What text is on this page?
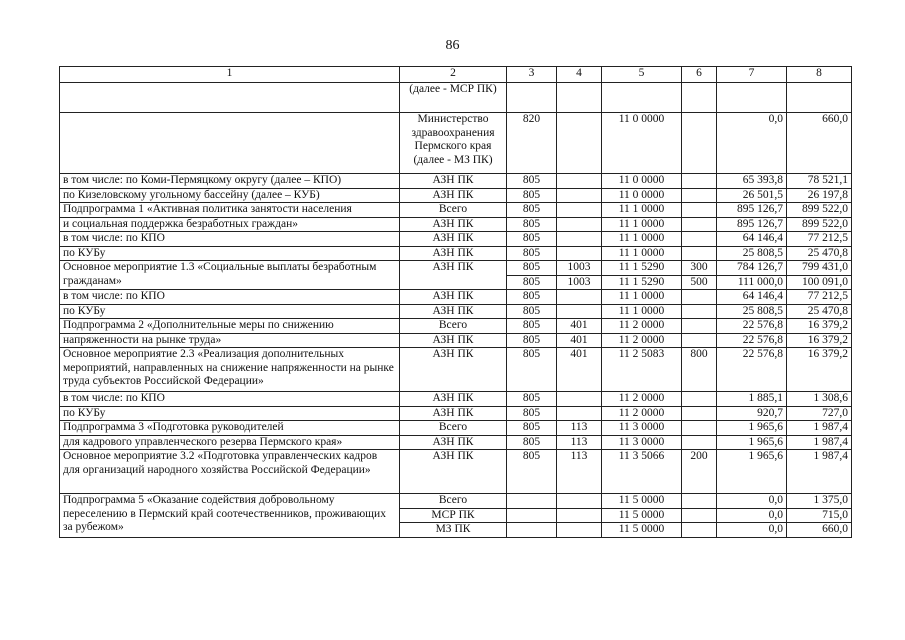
86
1	2	3	4	5	6	7	8
	(далее - МСР ПК)						
	Министерство здравоохранения Пермского края (далее - МЗ ПК)	820		11 0 0000		0,0	660,0
в том числе: по Коми-Пермяцкому округу (далее – КПО)	АЗН ПК	805		11 0 0000		65 393,8	78 521,1
по Кизеловскому угольному бассейну (далее – КУБ)	АЗН ПК	805		11 0 0000		26 501,5	26 197,8
Подпрограмма 1 «Активная политика занятости населения	Всего	805		11 1 0000		895 126,7	899 522,0
и социальная поддержка безработных граждан»	АЗН ПК	805		11 1 0000		895 126,7	899 522,0
в том числе: по КПО	АЗН ПК	805		11 1 0000		64 146,4	77 212,5
по КУБу	АЗН ПК	805		11 1 0000		25 808,5	25 470,8
Основное мероприятие 1.3 «Социальные выплаты безработным гражданам»	АЗН ПК	805	1003	11 1 5290	300	784 126,7	799 431,0
		805	1003	11 1 5290	500	111 000,0	100 091,0
в том числе: по КПО	АЗН ПК	805		11 1 0000		64 146,4	77 212,5
по КУБу	АЗН ПК	805		11 1 0000		25 808,5	25 470,8
Подпрограмма 2 «Дополнительные меры по снижению	Всего	805	401	11 2 0000		22 576,8	16 379,2
напряженности на рынке труда»	АЗН ПК	805	401	11 2 0000		22 576,8	16 379,2
Основное мероприятие 2.3 «Реализация дополнительных мероприятий, направленных на снижение напряженности на рынке труда субъектов Российской Федерации»	АЗН ПК	805	401	11 2 5083	800	22 576,8	16 379,2
в том числе: по КПО	АЗН ПК	805		11 2 0000		1 885,1	1 308,6
по КУБу	АЗН ПК	805		11 2 0000		920,7	727,0
Подпрограмма 3 «Подготовка руководителей	Всего	805	113	11 3 0000		1 965,6	1 987,4
для кадрового управленческого резерва Пермского края»	АЗН ПК	805	113	11 3 0000		1 965,6	1 987,4
Основное мероприятие 3.2 «Подготовка управленческих кадров для организаций народного хозяйства Российской Федерации»	АЗН ПК	805	113	11 3 5066	200	1 965,6	1 987,4
Подпрограмма 5 «Оказание содействия добровольному переселению в Пермский край соотечественников, проживающих за рубежом»	Всего			11 5 0000		0,0	1 375,0
	МСР ПК			11 5 0000		0,0	715,0
	МЗ ПК			11 5 0000		0,0	660,0
